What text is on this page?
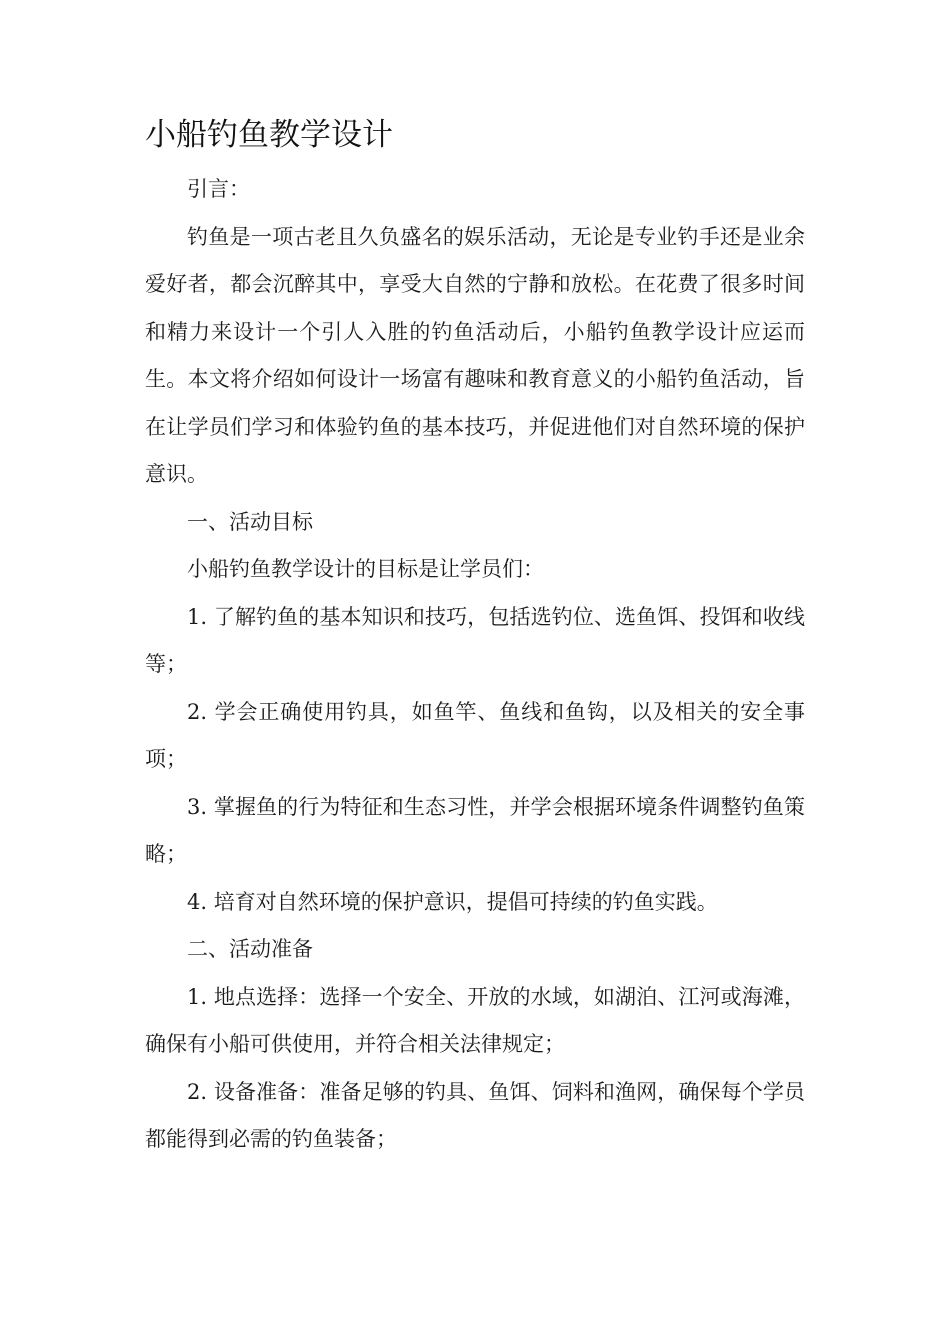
小船钓鱼教学设计

引言：

钓鱼是一项古老且久负盛名的娱乐活动，无论是专业钓手还是业余爱好者，都会沉醉其中，享受大自然的宁静和放松。在花费了很多时间和精力来设计一个引人入胜的钓鱼活动后，小船钓鱼教学设计应运而生。本文将介绍如何设计一场富有趣味和教育意义的小船钓鱼活动，旨在让学员们学习和体验钓鱼的基本技巧，并促进他们对自然环境的保护意识。

一、活动目标

小船钓鱼教学设计的目标是让学员们：

1. 了解钓鱼的基本知识和技巧，包括选钓位、选鱼饵、投饵和收线等；

2. 学会正确使用钓具，如鱼竿、鱼线和鱼钩，以及相关的安全事项；

3. 掌握鱼的行为特征和生态习性，并学会根据环境条件调整钓鱼策略；

4. 培育对自然环境的保护意识，提倡可持续的钓鱼实践。

二、活动准备

1. 地点选择：选择一个安全、开放的水域，如湖泊、江河或海滩，确保有小船可供使用，并符合相关法律规定；

2. 设备准备：准备足够的钓具、鱼饵、饲料和渔网，确保每个学员都能得到必需的钓鱼装备；
